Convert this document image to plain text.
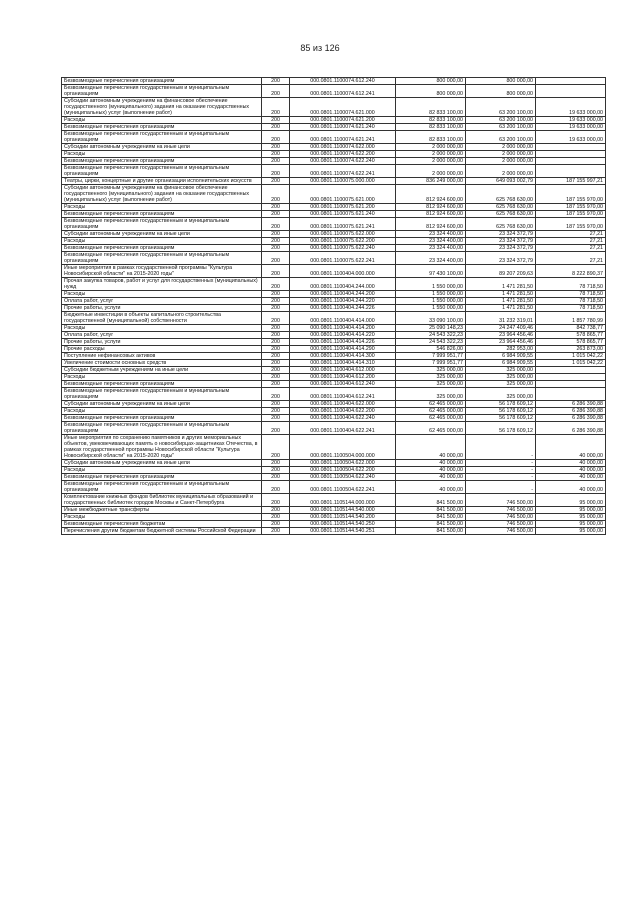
85 из 126
Безвозмездные перечисления организациям	200	000.0801.1100074.612.240	800 000,00	800 000,00	
Безвозмездные перечисления государственным и муниципальным организациям	200	000.0801.1100074.612.241	800 000,00	800 000,00	
Субсидии автономным учреждениям на финансовое обеспечение государственного (муниципального) задания на оказание государственных (муниципальных) услуг (выполнение работ)	200	000.0801.1100074.621.000	82 833 100,00	63 200 100,00	19 633 000,00
Расходы	200	000.0801.1100074.621.200	82 833 100,00	63 200 100,00	19 633 000,00
Безвозмездные перечисления организациям	200	000.0801.1100074.621.240	82 833 100,00	63 200 100,00	19 633 000,00
Безвозмездные перечисления государственным и муниципальным организациям	200	000.0801.1100074.621.241	82 833 100,00	63 200 100,00	19 633 000,00
Субсидии автономным учреждениям на иные цели	200	000.0801.1100074.622.000	2 000 000,00	2 000 000,00	
Расходы	200	000.0801.1100074.622.200	2 000 000,00	2 000 000,00	
Безвозмездные перечисления организациям	200	000.0801.1100074.622.240	2 000 000,00	2 000 000,00	
Безвозмездные перечисления государственным и муниципальным организациям	200	000.0801.1100074.622.241	2 000 000,00	2 000 000,00	
Театры, цирки, концертные и другие организации исполнительских искусств	200	000.0801.1100075.000.000	836 249 000,00	649 093 002,79	187 155 997,21
Субсидии автономным учреждениям на финансовое обеспечение государственного (муниципального) задания на оказание государственных (муниципальных) услуг (выполнение работ)	200	000.0801.1100075.621.000	812 924 600,00	625 768 630,00	187 155 970,00
Расходы	200	000.0801.1100075.621.200	812 924 600,00	625 768 630,00	187 155 970,00
Безвозмездные перечисления организациям	200	000.0801.1100075.621.240	812 924 600,00	625 768 630,00	187 155 970,00
Безвозмездные перечисления государственным и муниципальным организациям	200	000.0801.1100075.621.241	812 924 600,00	625 768 630,00	187 155 970,00
Субсидии автономным учреждениям на иные цели	200	000.0801.1100075.622.000	23 324 400,00	23 324 372,79	27,21
Расходы	200	000.0801.1100075.622.200	23 324 400,00	23 324 372,79	27,21
Безвозмездные перечисления организациям	200	000.0801.1100075.622.240	23 324 400,00	23 324 372,79	27,21
Безвозмездные перечисления государственным и муниципальным организациям	200	000.0801.1100075.622.241	23 324 400,00	23 324 372,79	27,21
Иные мероприятия в рамках государственной программы "Культура Новосибирской области" на 2015-2020 годы"	200	000.0801.1100404.000.000	97 430 100,00	89 207 209,63	8 222 890,37
Прочая закупка товаров, работ и услуг для государственных (муниципальных) нужд	200	000.0801.1100404.244.000	1 550 000,00	1 471 281,50	78 718,50
Расходы	200	000.0801.1100404.244.200	1 550 000,00	1 471 281,50	78 718,50
Оплата работ, услуг	200	000.0801.1100404.244.220	1 550 000,00	1 471 281,50	78 718,50
Прочие работы, услуги	200	000.0801.1100404.244.226	1 550 000,00	1 471 281,50	78 718,50
Бюджетные инвестиции в объекты капитального строительства государственной (муниципальной) собственности	200	000.0801.1100404.414.000	33 090 100,00	31 232 319,01	1 857 780,99
Расходы	200	000.0801.1100404.414.200	25 090 148,23	24 247 409,46	842 738,77
Оплата работ, услуг	200	000.0801.1100404.414.220	24 543 322,23	23 964 456,46	578 865,77
Прочие работы, услуги	200	000.0801.1100404.414.226	24 543 322,23	23 964 456,46	578 865,77
Прочие расходы	200	000.0801.1100404.414.290	546 826,00	282 953,00	263 873,00
Поступление нефинансовых активов	200	000.0801.1100404.414.300	7 999 951,77	6 984 909,55	1 015 042,22
Увеличение стоимости основных средств	200	000.0801.1100404.414.310	7 999 951,77	6 984 909,55	1 015 042,22
Субсидии бюджетным учреждениям на иные цели	200	000.0801.1100404.612.000	325 000,00	325 000,00	
Расходы	200	000.0801.1100404.612.200	325 000,00	325 000,00	
Безвозмездные перечисления организациям	200	000.0801.1100404.612.240	325 000,00	325 000,00	
Безвозмездные перечисления государственным и муниципальным организациям	200	000.0801.1100404.612.241	325 000,00	325 000,00	
Субсидии автономным учреждениям на иные цели	200	000.0801.1100404.622.000	62 465 000,00	56 178 609,12	6 286 390,88
Расходы	200	000.0801.1100404.622.200	62 465 000,00	56 178 609,12	6 286 390,88
Безвозмездные перечисления организациям	200	000.0801.1100404.622.240	62 465 000,00	56 178 609,12	6 286 390,88
Безвозмездные перечисления государственным и муниципальным организациям	200	000.0801.1100404.622.241	62 465 000,00	56 178 609,12	6 286 390,88
Иные мероприятия по сохранению памятников и других мемориальных объектов, увековечивающих память о новосибирцах-защитниках Отечества, в рамках государственной программы Новосибирской области "Культура Новосибирской области" на 2015-2020 годы"	200	000.0801.1100504.000.000	40 000,00	-	40 000,00
Субсидии автономным учреждениям на иные цели	200	000.0801.1100504.622.000	40 000,00	-	40 000,00
Расходы	200	000.0801.1100504.622.200	40 000,00	-	40 000,00
Безвозмездные перечисления организациям	200	000.0801.1100504.622.240	40 000,00	-	40 000,00
Безвозмездные перечисления государственным и муниципальным организациям	200	000.0801.1100504.622.241	40 000,00	-	40 000,00
Комплектование книжных фондов библиотек муниципальных образований и государственных библиотек городов Москвы и Санкт-Петербурга	200	000.0801.1105144.000.000	841 500,00	746 500,00	95 000,00
Иные межбюджетные трансферты	200	000.0801.1105144.540.000	841 500,00	746 500,00	95 000,00
Расходы	200	000.0801.1105144.540.200	841 500,00	746 500,00	95 000,00
Безвозмездные перечисления бюджетам	200	000.0801.1105144.540.250	841 500,00	746 500,00	95 000,00
Перечисления другим бюджетам бюджетной системы Российской Федерации	200	000.0801.1105144.540.251	841 500,00	746 500,00	95 000,00
